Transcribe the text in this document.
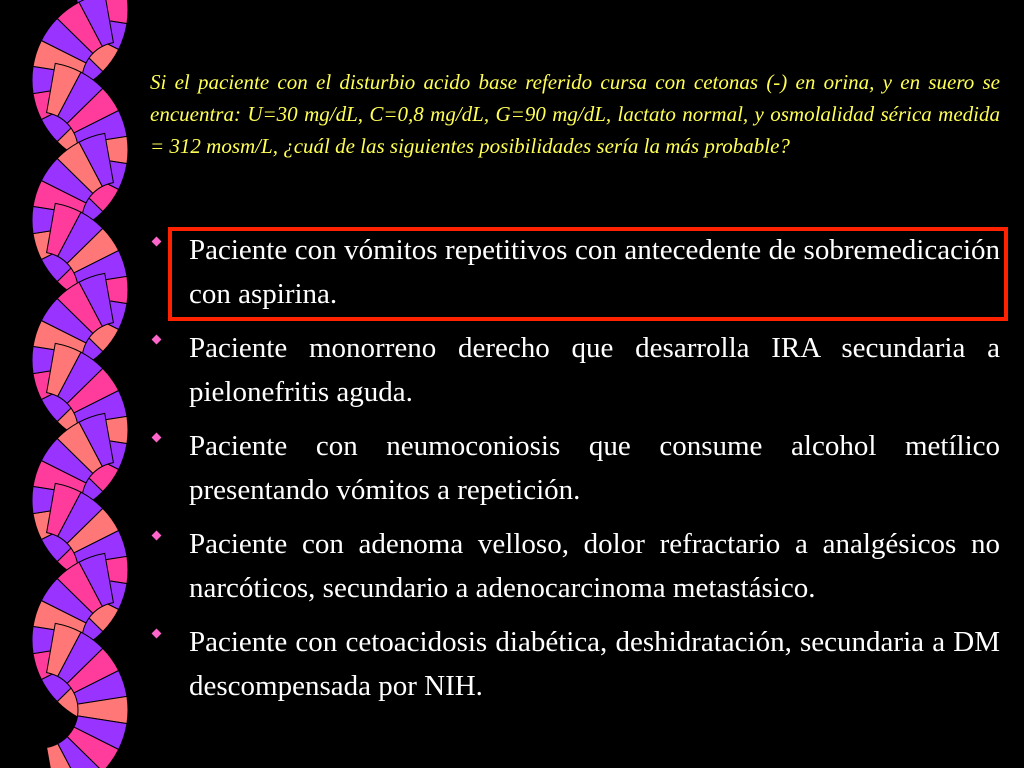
Si el paciente con el disturbio acido base referido cursa con cetonas (-) en orina, y en suero se encuentra: U=30 mg/dL, C=0,8 mg/dL, G=90 mg/dL, lactato normal, y osmolalidad sérica medida = 312 mosm/L, ¿cuál de las siguientes posibilidades sería la más probable?

Paciente con vómitos repetitivos con antecedente de sobremedicación con aspirina.
Paciente monorreno derecho que desarrolla IRA secundaria a pielonefritis aguda.
Paciente con neumoconiosis que consume alcohol metílico presentando vómitos a repetición.
Paciente con adenoma velloso, dolor refractario a analgésicos no narcóticos, secundario a adenocarcinoma metastásico.
Paciente con cetoacidosis diabética, deshidratación, secundaria a DM descompensada por NIH.
